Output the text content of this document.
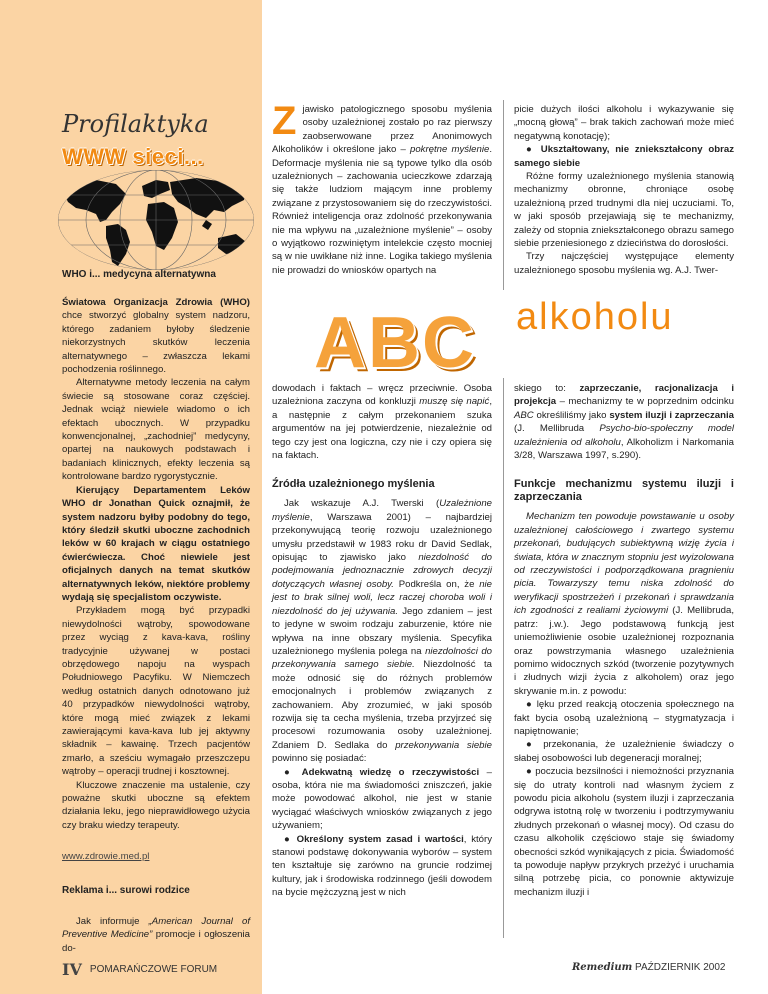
Profilaktyka
WWW sieci...
WHO i... medycyna alternatywna

Światowa Organizacja Zdrowia (WHO) chce stworzyć globalny system nadzoru, którego zadaniem byłoby śledzenie niekorzystnych skutków leczenia alternatywnego – zwłaszcza lekami pochodzenia roślinnego.

Alternatywne metody leczenia na całym świecie są stosowane coraz częściej. Jednak wciąż niewiele wiadomo o ich efektach ubocznych. W przypadku konwencjonalnej, „zachodniej” medycyny, opartej na naukowych podstawach i badaniach klinicznych, efekty leczenia są kontrolowane bardzo rygorystycznie.

Kierujący Departamentem Leków WHO dr Jonathan Quick oznajmił, że system nadzoru byłby podobny do tego, który śledził skutki uboczne zachodnich leków w 60 krajach w ciągu ostatniego ćwierćwiecza. Choć niewiele jest oficjalnych danych na temat skutków alternatywnych leków, niektóre problemy wydają się specjalistom oczywiste.

Przykładem mogą być przypadki niewydolności wątroby, spowodowane przez wyciąg z kava-kava, rośliny tradycyjnie używanej w postaci obrzędowego napoju na wyspach Południowego Pacyfiku. W Niemczech według ostatnich danych odnotowano już 40 przypadków niewydolności wątroby, które mogą mieć związek z lekami zawierającymi kava-kava lub jej aktywny składnik – kawainę. Trzech pacjentów zmarło, a sześciu wymagało przeszczepu wątroby – operacji trudnej i kosztownej.

Kluczowe znaczenie ma ustalenie, czy poważne skutki uboczne są efektem działania leku, jego nieprawidłowego użycia czy braku wiedzy terapeuty.

www.zdrowie.med.pl
Reklama i... surowi rodzice

Jak informuje „American Journal of Preventive Medicine” promocje i ogłoszenia do-

Zjawisko patologicznego sposobu myślenia osoby uzależnionej zostało po raz pierwszy zaobserwowane przez Anonimowych Alkoholików i określone jako – pokrętne myślenie. Deformacje myślenia nie są typowe tylko dla osób uzależnionych – zachowania ucieczkowe zdarzają się także ludziom mającym inne problemy związane z przystosowaniem się do rzeczywistości. Również inteligencja oraz zdolność przekonywania nie ma wpływu na „uzależnione myślenie” – osoby o wyjątkowo rozwiniętym intelekcie często mocniej są w nie uwikłane niż inne. Logika takiego myślenia nie prowadzi do wniosków opartych na

picie dużych ilości alkoholu i wykazywanie się „mocną głową” – brak takich zachowań może mieć negatywną konotację);

● Ukształtowany, nie zniekształcony obraz samego siebie

Różne formy uzależnionego myślenia stanowią mechanizmy obronne, chroniące osobę uzależnioną przed trudnymi dla niej uczuciami. To, w jaki sposób przejawiają się te mechanizmy, zależy od stopnia zniekształconego obrazu samego siebie przeniesionego z dzieciństwa do dorosłości.

Trzy najczęściej występujące elementy uzależnionego sposobu myślenia wg. A.J. Twer-

ABC alkoholu

dowodach i faktach – wręcz przeciwnie. Osoba uzależniona zaczyna od konkluzji muszę się napić, a następnie z całym przekonaniem szuka argumentów na jej potwierdzenie, niezależnie od tego czy jest ona logiczna, czy nie i czy opiera się na faktach.

Źródła uzależnionego myślenia

Jak wskazuje A.J. Twerski (Uzależnione myślenie, Warszawa 2001) – najbardziej przekonywującą teorię rozwoju uzależnionego umysłu przedstawił w 1983 roku dr David Sedlak, opisując to zjawisko jako niezdolność do podejmowania jednoznacznie zdrowych decyzji dotyczących własnej osoby. Podkreśla on, że nie jest to brak silnej woli, lecz raczej choroba woli i niezdolność do jej używania. Jego zdaniem – jest to jedyne w swoim rodzaju zaburzenie, które nie wpływa na inne obszary myślenia. Specyfika uzależnionego myślenia polega na niezdolności do przekonywania samego siebie. Niezdolność ta może odnosić się do różnych problemów emocjonalnych i problemów związanych z zachowaniem. Aby zrozumieć, w jaki sposób rozwija się ta cecha myślenia, trzeba przyjrzeć się procesowi rozumowania osoby uzależnionej. Zdaniem D. Sedlaka do przekonywania siebie powinno się posiadać:

● Adekwatną wiedzę o rzeczywistości – osoba, która nie ma świadomości zniszczeń, jakie może powodować alkohol, nie jest w stanie wyciągać właściwych wniosków związanych z jego używaniem;

● Określony system zasad i wartości, który stanowi podstawę dokonywania wyborów – system ten kształtuje się zarówno na gruncie rodzimej kultury, jak i środowiska rodzinnego (jeśli dowodem na bycie mężczyzną jest w nich

skiego to: zaprzeczanie, racjonalizacja i projekcja – mechanizmy te w poprzednim odcinku ABC określiliśmy jako system iluzji i zaprzeczania (J. Mellibruda Psycho-bio-społeczny model uzależnienia od alkoholu, Alkoholizm i Narkomania 3/28, Warszawa 1997, s.290).

Funkcje mechanizmu systemu iluzji i zaprzeczania

Mechanizm ten powoduje powstawanie u osoby uzależnionej całościowego i zwartego systemu przekonań, budujących subiektywną wizję życia i świata, która w znacznym stopniu jest wyizolowana od rzeczywistości i podporządkowana pragnieniu picia. Towarzyszy temu niska zdolność do weryfikacji spostrzeżeń i przekonań i sprawdzania ich zgodności z realiami życiowymi (J. Mellibruda, patrz: j.w.). Jego podstawową funkcją jest uniemożliwienie osobie uzależnionej rozpoznania oraz powstrzymania własnego uzależnienia pomimo widocznych szkód (tworzenie pozytywnych i złudnych wizji życia z alkoholem) oraz jego skrywanie m.in. z powodu:

● lęku przed reakcją otoczenia społecznego na fakt bycia osobą uzależnioną – stygmatyzacja i napiętnowanie;

● przekonania, że uzależnienie świadczy o słabej osobowości lub degeneracji moralnej;

● poczucia bezsilności i niemożności przyznania się do utraty kontroli nad własnym życiem z powodu picia alkoholu (system iluzji i zaprzeczania odgrywa istotną rolę w tworzeniu i podtrzymywaniu złudnych przekonań o własnej mocy). Od czasu do czasu alkoholik częściowo staje się świadomy obecności szkód wynikających z picia. Świadomość ta powoduje napływ przykrych przeżyć i uruchamia silną potrzebę picia, co ponownie aktywizuje mechanizm iluzji i

IV POMARAŃCZOWE FORUM	Remedium PAŹDZIERNIK 2002
